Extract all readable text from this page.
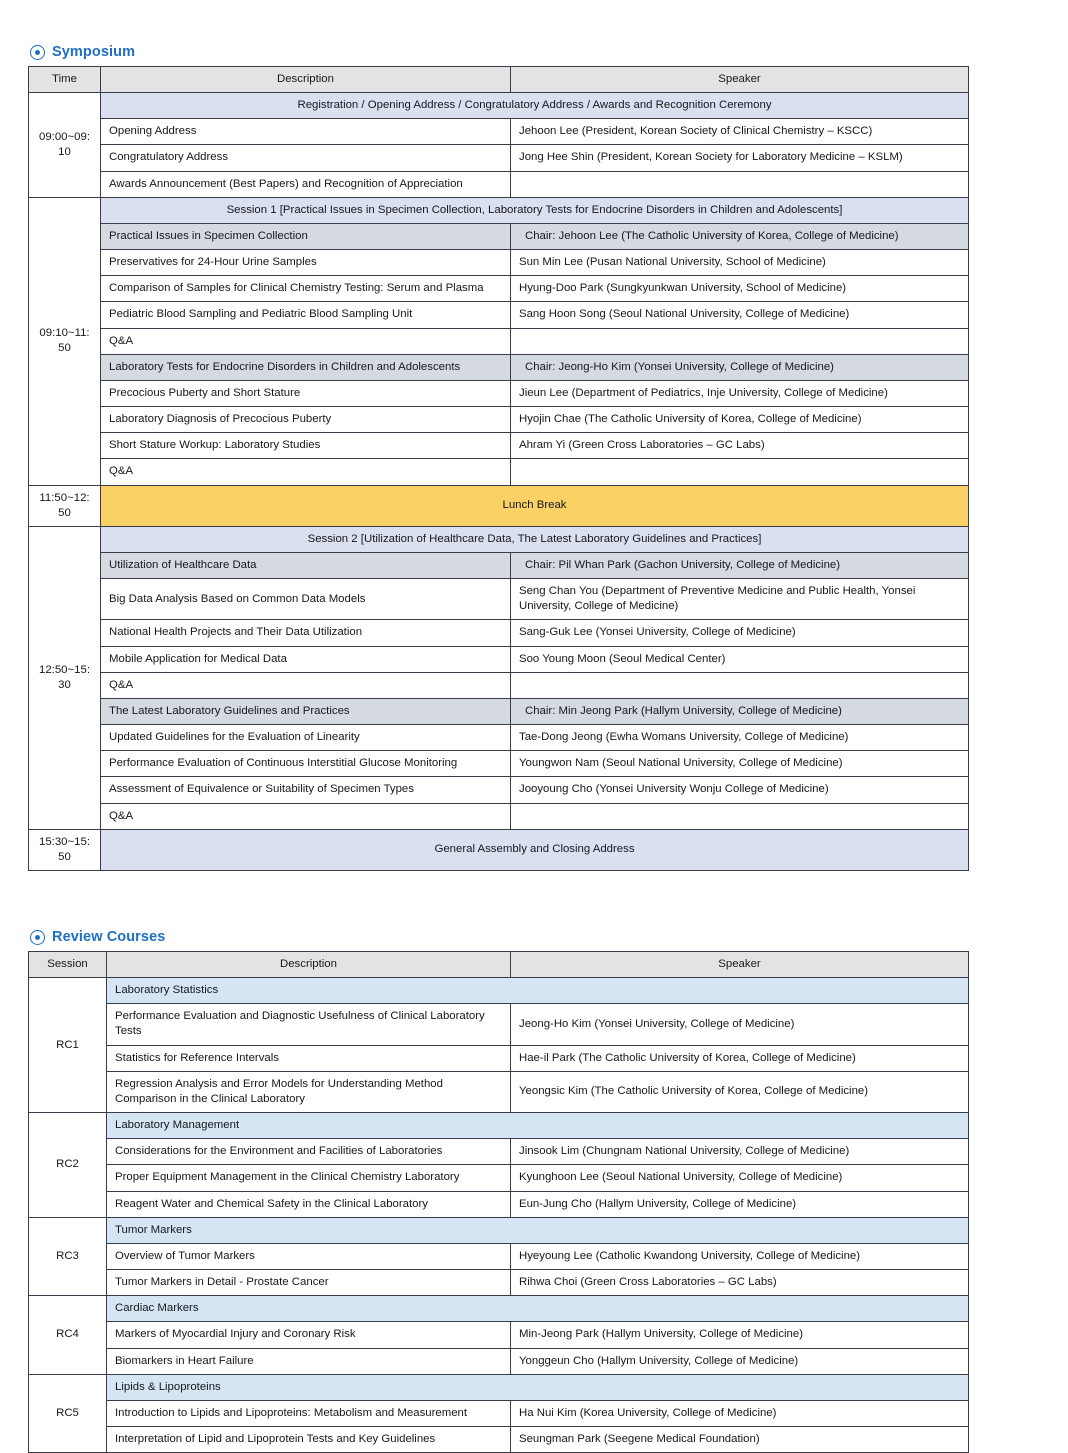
Symposium
Time	Description	Speaker
09:00~09:10	Registration / Opening Address / Congratulatory Address / Awards and Recognition Ceremony	
	Opening Address	Jehoon Lee (President, Korean Society of Clinical Chemistry – KSCC)
	Congratulatory Address	Jong Hee Shin (President, Korean Society for Laboratory Medicine – KSLM)
	Awards Announcement (Best Papers) and Recognition of Appreciation	
09:10~11:50	Session 1 [Practical Issues in Specimen Collection, Laboratory Tests for Endocrine Disorders in Children and Adolescents]	
	Practical Issues in Specimen Collection	Chair: Jehoon Lee (The Catholic University of Korea, College of Medicine)
	Preservatives for 24-Hour Urine Samples	Sun Min Lee (Pusan National University, School of Medicine)
	Comparison of Samples for Clinical Chemistry Testing: Serum and Plasma	Hyung-Doo Park (Sungkyunkwan University, School of Medicine)
	Pediatric Blood Sampling and Pediatric Blood Sampling Unit	Sang Hoon Song (Seoul National University, College of Medicine)
	Q&A	
	Laboratory Tests for Endocrine Disorders in Children and Adolescents	Chair: Jeong-Ho Kim (Yonsei University, College of Medicine)
	Precocious Puberty and Short Stature	Jieun Lee (Department of Pediatrics, Inje University, College of Medicine)
	Laboratory Diagnosis of Precocious Puberty	Hyojin Chae (The Catholic University of Korea, College of Medicine)
	Short Stature Workup: Laboratory Studies	Ahram Yi (Green Cross Laboratories – GC Labs)
	Q&A	
11:50~12:50	Lunch Break	
12:50~15:30	Session 2 [Utilization of Healthcare Data, The Latest Laboratory Guidelines and Practices]	
	Utilization of Healthcare Data	Chair: Pil Whan Park (Gachon University, College of Medicine)
	Big Data Analysis Based on Common Data Models	Seng Chan You (Department of Preventive Medicine and Public Health, Yonsei University, College of Medicine)
	National Health Projects and Their Data Utilization	Sang-Guk Lee (Yonsei University, College of Medicine)
	Mobile Application for Medical Data	Soo Young Moon (Seoul Medical Center)
	Q&A	
	The Latest Laboratory Guidelines and Practices	Chair: Min Jeong Park (Hallym University, College of Medicine)
	Updated Guidelines for the Evaluation of Linearity	Tae-Dong Jeong (Ewha Womans University, College of Medicine)
	Performance Evaluation of Continuous Interstitial Glucose Monitoring	Youngwon Nam (Seoul National University, College of Medicine)
	Assessment of Equivalence or Suitability of Specimen Types	Jooyoung Cho (Yonsei University Wonju College of Medicine)
	Q&A	
15:30~15:50	General Assembly and Closing Address	
Review Courses
Session	Description	Speaker
RC1	Laboratory Statistics	
	Performance Evaluation and Diagnostic Usefulness of Clinical Laboratory Tests	Jeong-Ho Kim (Yonsei University, College of Medicine)
	Statistics for Reference Intervals	Hae-il Park (The Catholic University of Korea, College of Medicine)
	Regression Analysis and Error Models for Understanding Method Comparison in the Clinical Laboratory	Yeongsic Kim (The Catholic University of Korea, College of Medicine)
RC2	Laboratory Management	
	Considerations for the Environment and Facilities of Laboratories	Jinsook Lim (Chungnam National University, College of Medicine)
	Proper Equipment Management in the Clinical Chemistry Laboratory	Kyunghoon Lee (Seoul National University, College of Medicine)
	Reagent Water and Chemical Safety in the Clinical Laboratory	Eun-Jung Cho (Hallym University, College of Medicine)
RC3	Tumor Markers	
	Overview of Tumor Markers	Hyeyoung Lee (Catholic Kwandong University, College of Medicine)
	Tumor Markers in Detail - Prostate Cancer	Rihwa Choi (Green Cross Laboratories – GC Labs)
RC4	Cardiac Markers	
	Markers of Myocardial Injury and Coronary Risk	Min-Jeong Park (Hallym University, College of Medicine)
	Biomarkers in Heart Failure	Yonggeun Cho (Hallym University, College of Medicine)
RC5	Lipids & Lipoproteins	
	Introduction to Lipids and Lipoproteins: Metabolism and Measurement	Ha Nui Kim (Korea University, College of Medicine)
	Interpretation of Lipid and Lipoprotein Tests and Key Guidelines	Seungman Park (Seegene Medical Foundation)
